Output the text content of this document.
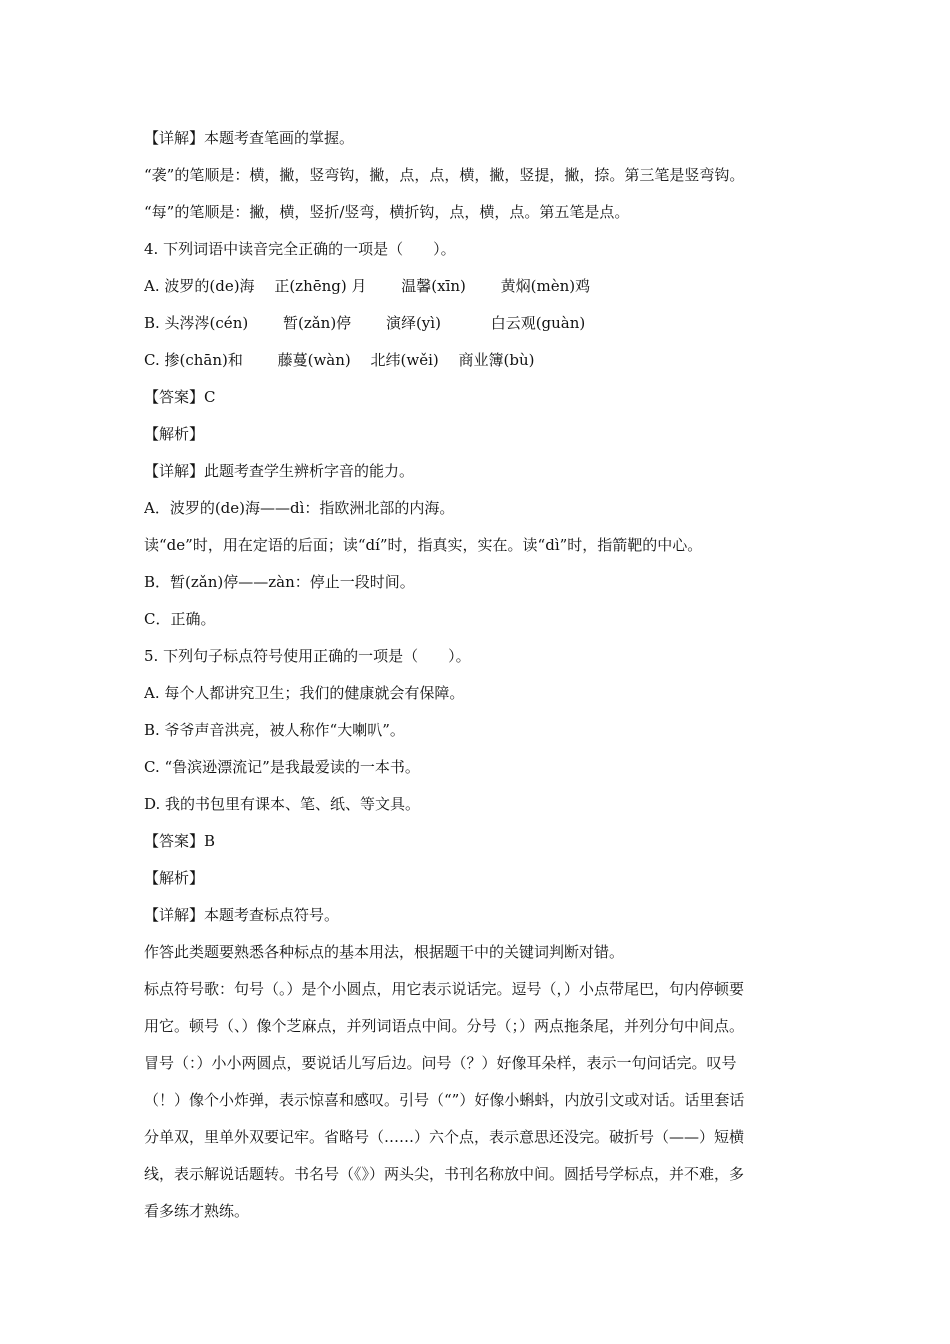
【详解】本题考查笔画的掌握。
“袭”的笔顺是：横，撇，竖弯钩，撇，点，点，横，撇，竖提，撇，捺。第三笔是竖弯钩。
“每”的笔顺是：撇，横，竖折/竖弯，横折钩，点，横，点。第五笔是点。
4. 下列词语中读音完全正确的一项是（　　）。
A. 波罗的(de)海　 正(zhēng) 月　　 温馨(xīn)　　 黄焖(mèn)鸡
B. 头涔涔(cén)　　 暂(zǎn)停　　 演绎(yì)　　　 白云观(guàn)
C. 掺(chān)和　　 藤蔓(wàn)　 北纬(wěi)　 商业簿(bù)
【答案】C
【解析】
【详解】此题考查学生辨析字音的能力。
A．波罗的(de)海——dì：指欧洲北部的内海。
读“de”时，用在定语的后面；读“dí”时，指真实，实在。读“dì”时，指箭靶的中心。
B．暂(zǎn)停——zàn：停止一段时间。
C．正确。
5. 下列句子标点符号使用正确的一项是（　　）。
A. 每个人都讲究卫生；我们的健康就会有保障。
B. 爷爷声音洪亮，被人称作“大喇叭”。
C. “鲁滨逊漂流记”是我最爱读的一本书。
D. 我的书包里有课本、笔、纸、等文具。
【答案】B
【解析】
【详解】本题考查标点符号。
作答此类题要熟悉各种标点的基本用法，根据题干中的关键词判断对错。
标点符号歌：句号（。）是个小圆点，用它表示说话完。逗号（，）小点带尾巴，句内停顿要
用它。顿号（、）像个芝麻点，并列词语点中间。分号（；）两点拖条尾，并列分句中间点。
冒号（：）小小两圆点，要说话儿写后边。问号（？）好像耳朵样，表示一句问话完。叹号
（！）像个小炸弹，表示惊喜和感叹。引号（“”）好像小蝌蚪，内放引文或对话。话里套话
分单双，里单外双要记牢。省略号（……）六个点，表示意思还没完。破折号（——）短横
线，表示解说话题转。书名号（《》）两头尖，书刊名称放中间。圆括号学标点，并不难，多
看多练才熟练。
